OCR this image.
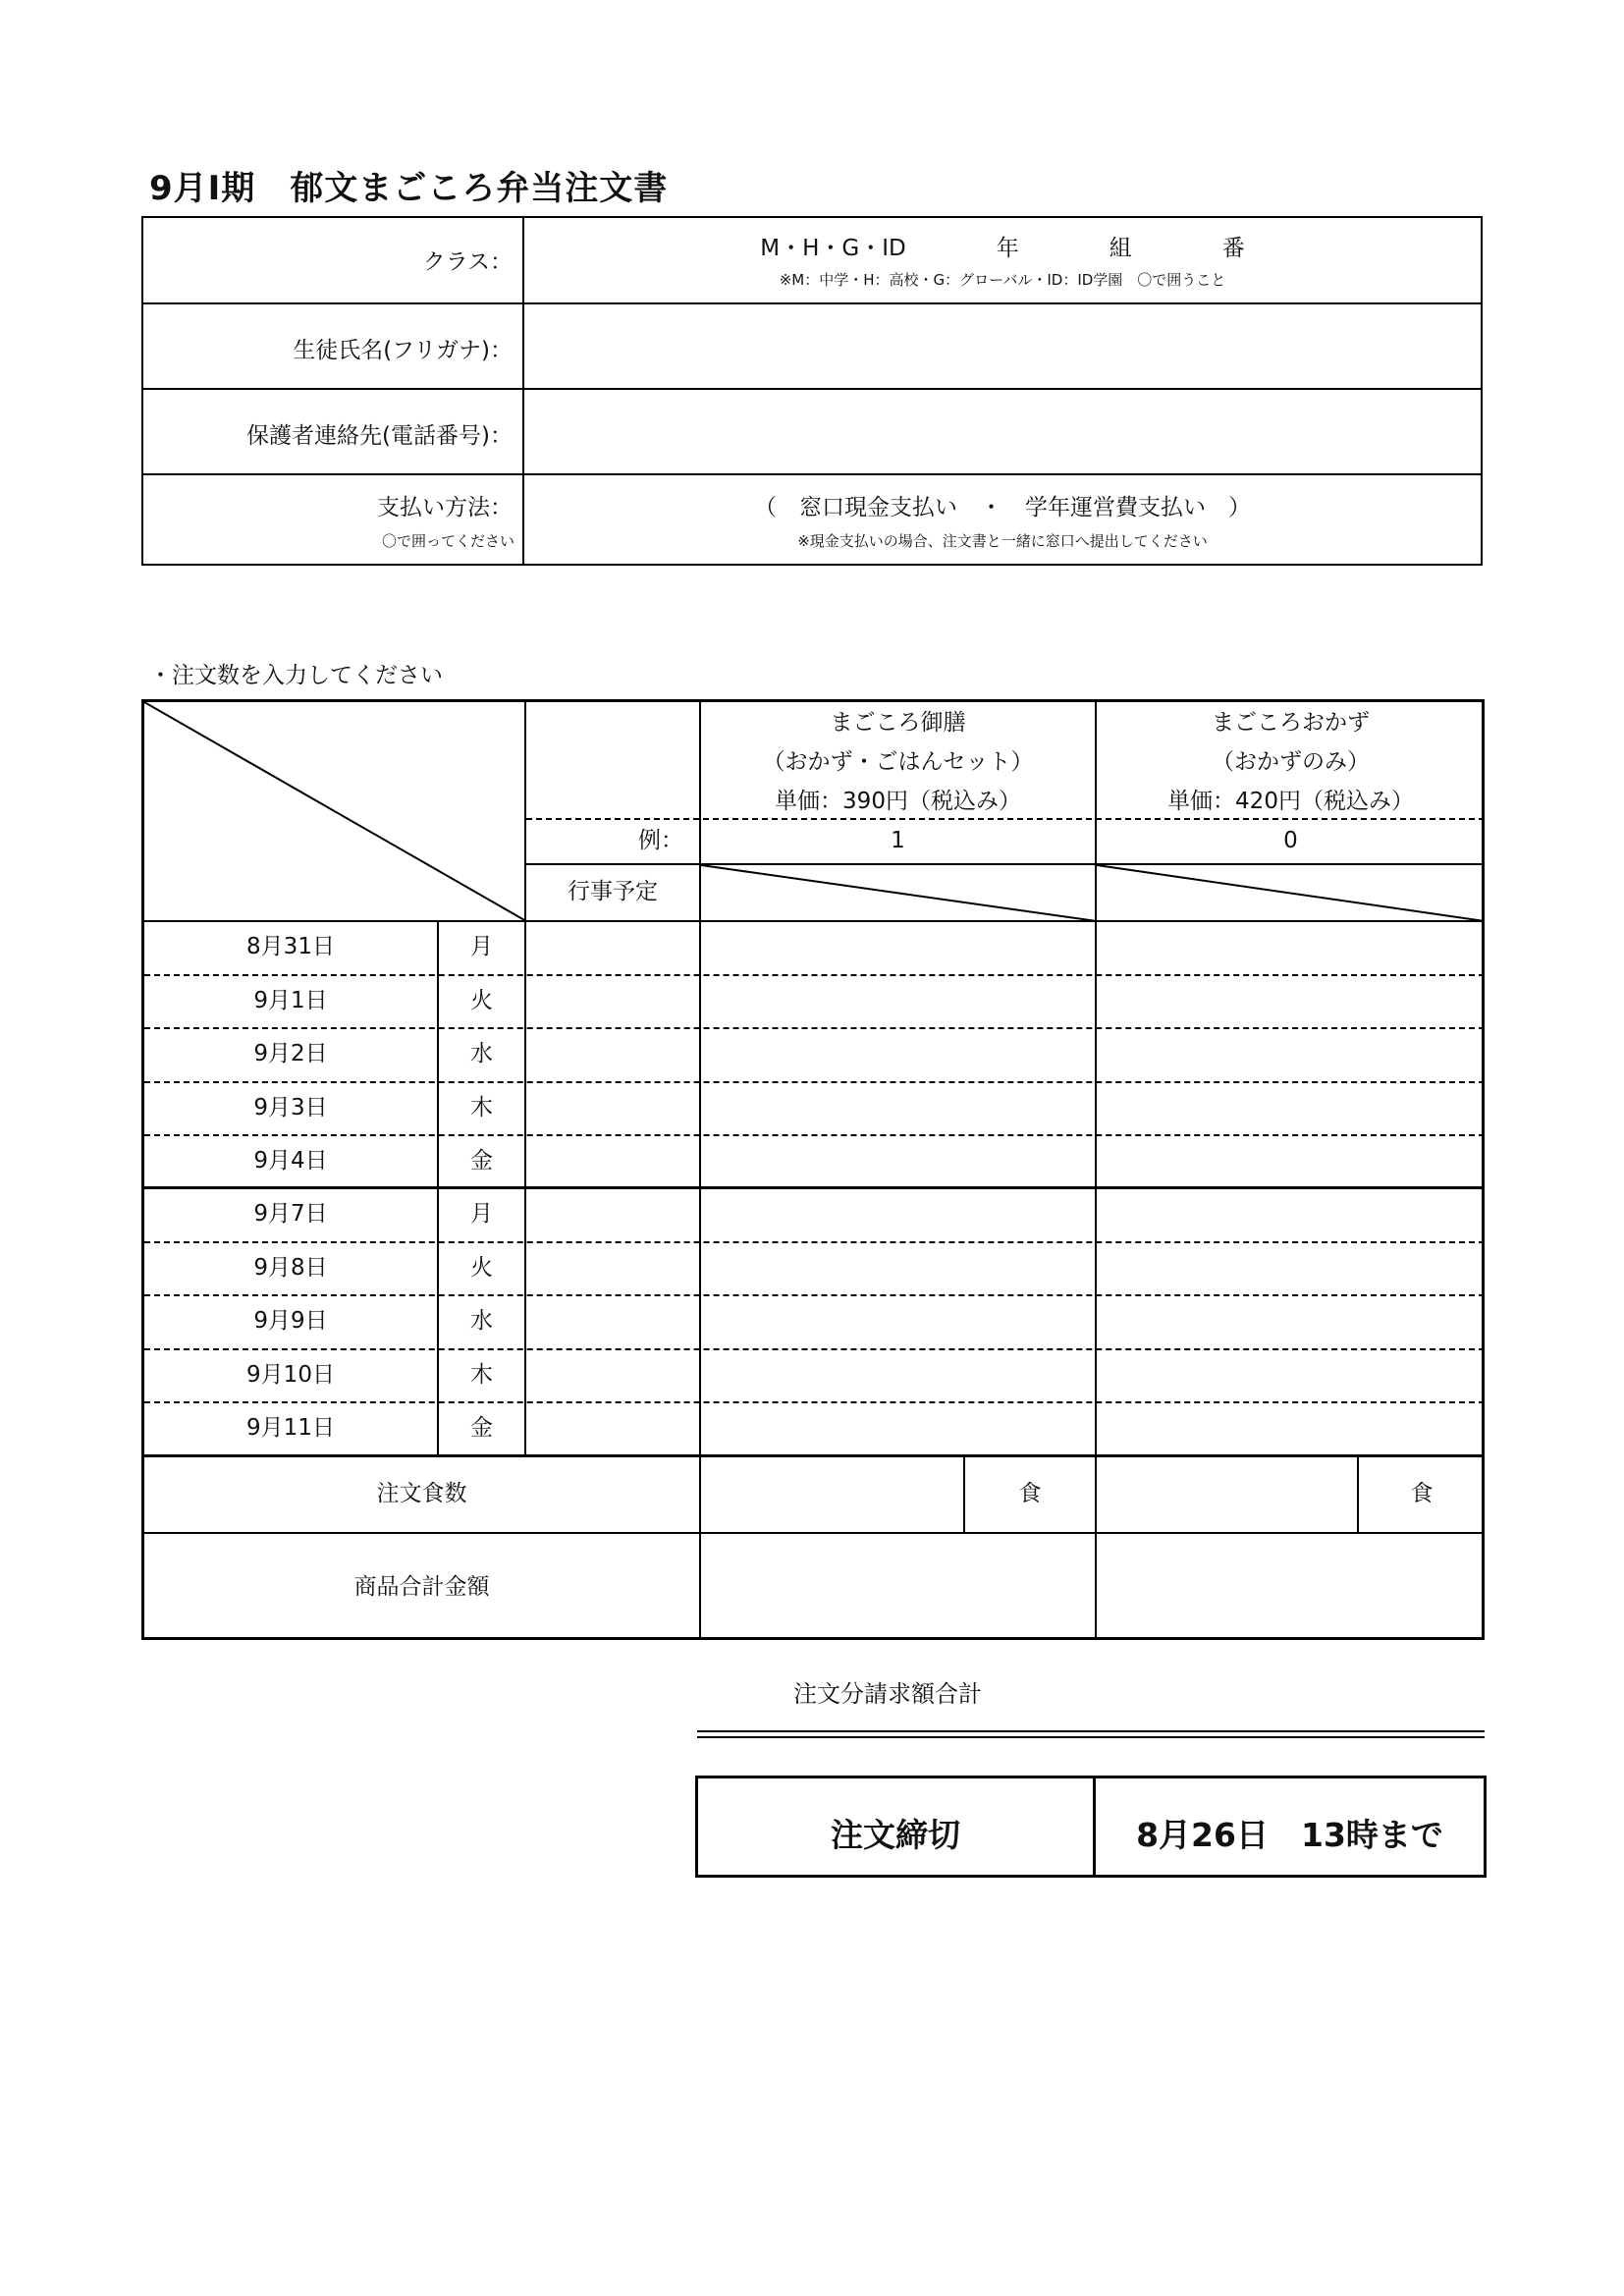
9月Ⅰ期　郁文まごころ弁当注文書
クラス：
M・H・G・ID　　　　年　　　　組　　　　番
※M：中学・H：高校・G：グローバル・ID：ID学園　〇で囲うこと
生徒氏名(フリガナ)：
保護者連絡先(電話番号)：
支払い方法：
〇で囲ってください
（　窓口現金支払い　・　学年運営費支払い　）
※現金支払いの場合、注文書と一緒に窓口へ提出してください
・注文数を入力してください
まごころ御膳
（おかず・ごはんセット）
単価：390円（税込み）
まごころおかず
（おかずのみ）
単価：420円（税込み）
例：	1	0
行事予定
8月31日	月
9月1日	火
9月2日	水
9月3日	木
9月4日	金
9月7日	月
9月8日	火
9月9日	水
9月10日	木
9月11日	金
注文食数	食	食
商品合計金額
注文分請求額合計
注文締切	8月26日　13時まで
